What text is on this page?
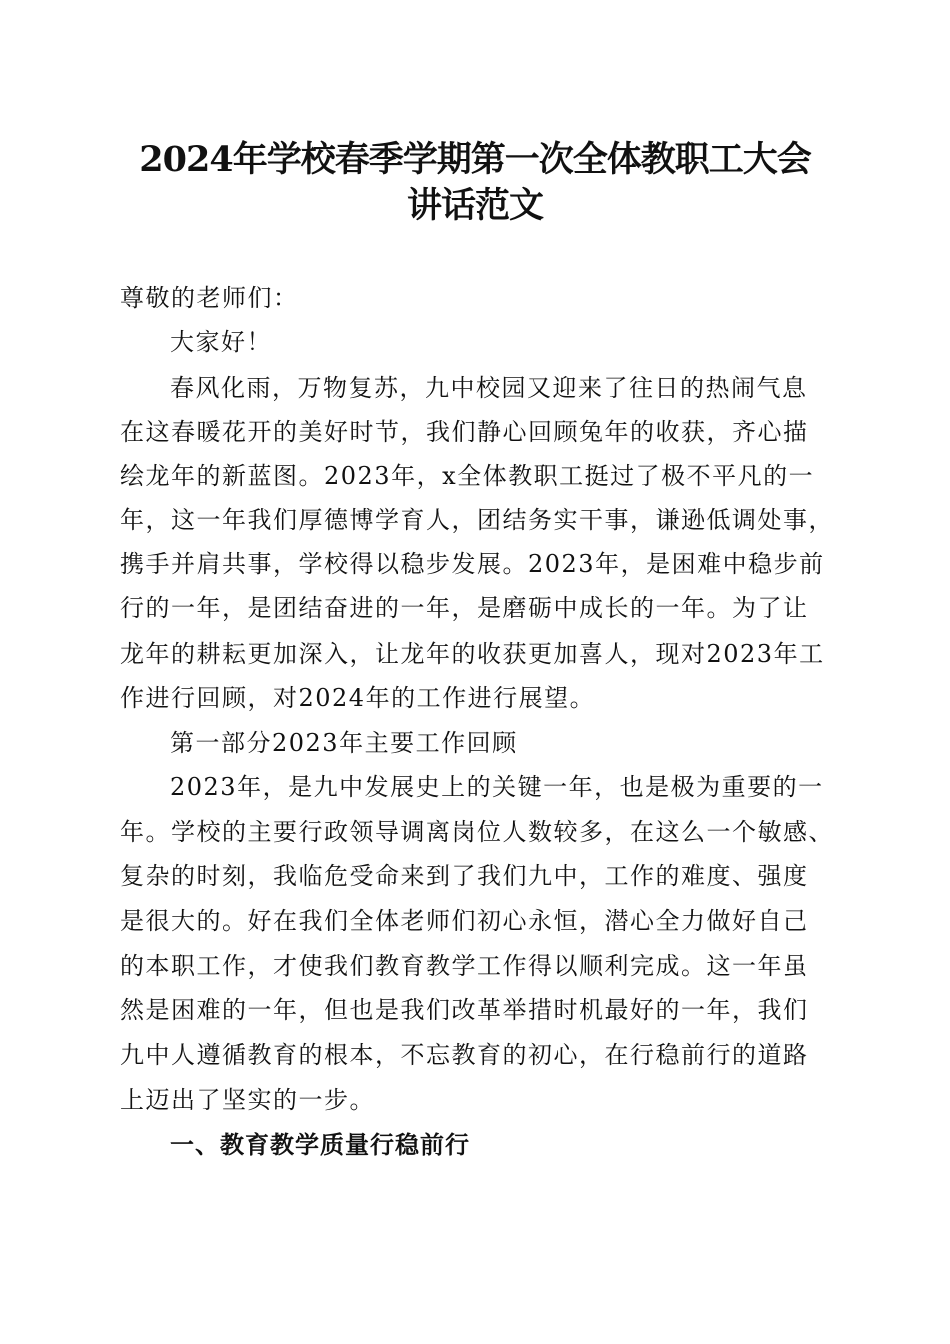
2024年学校春季学期第一次全体教职工大会
讲话范文

尊敬的老师们：

大家好！

春风化雨，万物复苏，九中校园又迎来了往日的热闹气息

在这春暖花开的美好时节，我们静心回顾兔年的收获，齐心描

绘龙年的新蓝图。2023年，x全体教职工挺过了极不平凡的一

年，这一年我们厚德博学育人，团结务实干事，谦逊低调处事，

携手并肩共事，学校得以稳步发展。2023年，是困难中稳步前

行的一年，是团结奋进的一年，是磨砺中成长的一年。为了让

龙年的耕耘更加深入，让龙年的收获更加喜人，现对2023年工

作进行回顾，对2024年的工作进行展望。

第一部分2023年主要工作回顾

2023年，是九中发展史上的关键一年，也是极为重要的一

年。学校的主要行政领导调离岗位人数较多，在这么一个敏感、

复杂的时刻，我临危受命来到了我们九中，工作的难度、强度

是很大的。好在我们全体老师们初心永恒，潜心全力做好自己

的本职工作，才使我们教育教学工作得以顺利完成。这一年虽

然是困难的一年，但也是我们改革举措时机最好的一年，我们

九中人遵循教育的根本，不忘教育的初心，在行稳前行的道路

上迈出了坚实的一步。

一、教育教学质量行稳前行
